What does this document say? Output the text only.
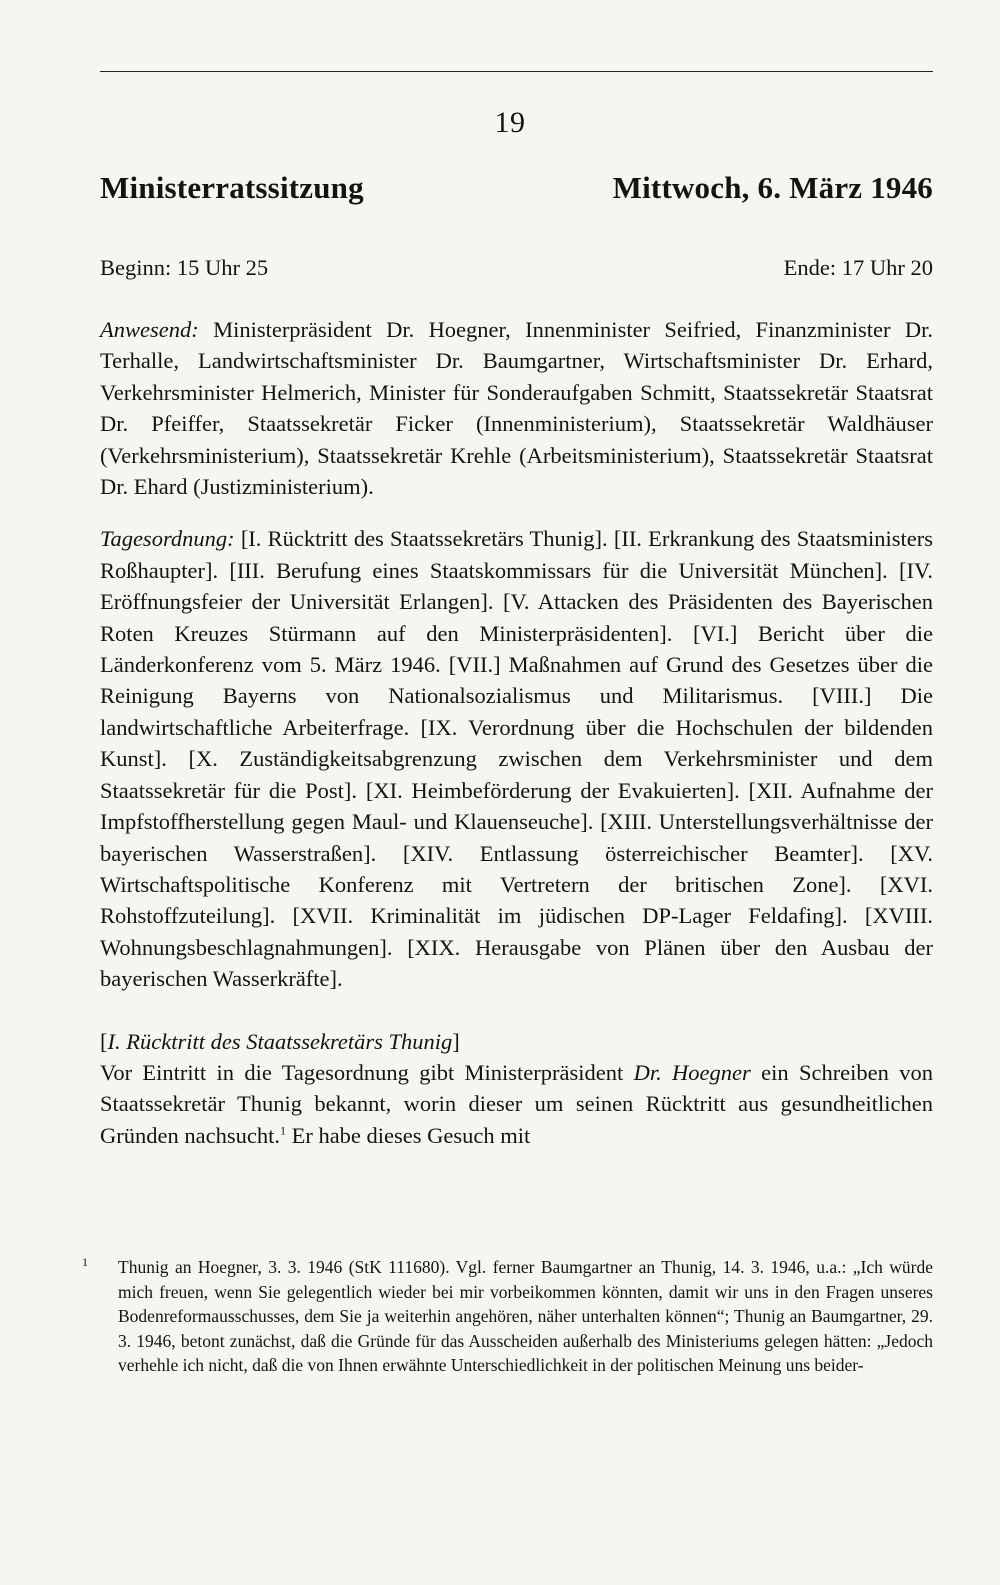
19
Ministerratssitzung	Mittwoch, 6. März 1946
Beginn: 15 Uhr 25	Ende: 17 Uhr 20

Anwesend: Ministerpräsident Dr. Hoegner, Innenminister Seifried, Finanzminister Dr. Terhalle, Landwirtschaftsminister Dr. Baumgartner, Wirtschaftsminister Dr. Erhard, Verkehrsminister Helmerich, Minister für Sonderaufgaben Schmitt, Staatssekretär Staatsrat Dr. Pfeiffer, Staatssekretär Ficker (Innenministerium), Staatssekretär Waldhäuser (Verkehrsministerium), Staatssekretär Krehle (Arbeitsministerium), Staatssekretär Staatsrat Dr. Ehard (Justizministerium).

Tagesordnung: [I. Rücktritt des Staatssekretärs Thunig]. [II. Erkrankung des Staatsministers Roßhaupter]. [III. Berufung eines Staatskommissars für die Universität München]. [IV. Eröffnungsfeier der Universität Erlangen]. [V. Attacken des Präsidenten des Bayerischen Roten Kreuzes Stürmann auf den Ministerpräsidenten]. [VI.] Bericht über die Länderkonferenz vom 5. März 1946. [VII.] Maßnahmen auf Grund des Gesetzes über die Reinigung Bayerns von Nationalsozialismus und Militarismus. [VIII.] Die landwirtschaftliche Arbeiterfrage. [IX. Verordnung über die Hochschulen der bildenden Kunst]. [X. Zuständigkeitsabgrenzung zwischen dem Verkehrsminister und dem Staatssekretär für die Post]. [XI. Heimbeförderung der Evakuierten]. [XII. Aufnahme der Impfstoffherstellung gegen Maul- und Klauenseuche]. [XIII. Unterstellungsverhältnisse der bayerischen Wasserstraßen]. [XIV. Entlassung österreichischer Beamter]. [XV. Wirtschaftspolitische Konferenz mit Vertretern der britischen Zone]. [XVI. Rohstoffzuteilung]. [XVII. Kriminalität im jüdischen DP-Lager Feldafing]. [XVIII. Wohnungsbeschlagnahmungen]. [XIX. Herausgabe von Plänen über den Ausbau der bayerischen Wasserkräfte].

[I. Rücktritt des Staatssekretärs Thunig]

Vor Eintritt in die Tagesordnung gibt Ministerpräsident Dr. Hoegner ein Schreiben von Staatssekretär Thunig bekannt, worin dieser um seinen Rücktritt aus gesundheitlichen Gründen nachsucht.$^1$ Er habe dieses Gesuch mit

$^1$ Thunig an Hoegner, 3. 3. 1946 (StK 111680). Vgl. ferner Baumgartner an Thunig, 14. 3. 1946, u.a.: „Ich würde mich freuen, wenn Sie gelegentlich wieder bei mir vorbeikommen könnten, damit wir uns in den Fragen unseres Bodenreformausschusses, dem Sie ja weiterhin angehören, näher unterhalten können“; Thunig an Baumgartner, 29. 3. 1946, betont zunächst, daß die Gründe für das Ausscheiden außerhalb des Ministeriums gelegen hätten: „Jedoch verhehle ich nicht, daß die von Ihnen erwähnte Unterschiedlichkeit in der politischen Meinung uns beider-
